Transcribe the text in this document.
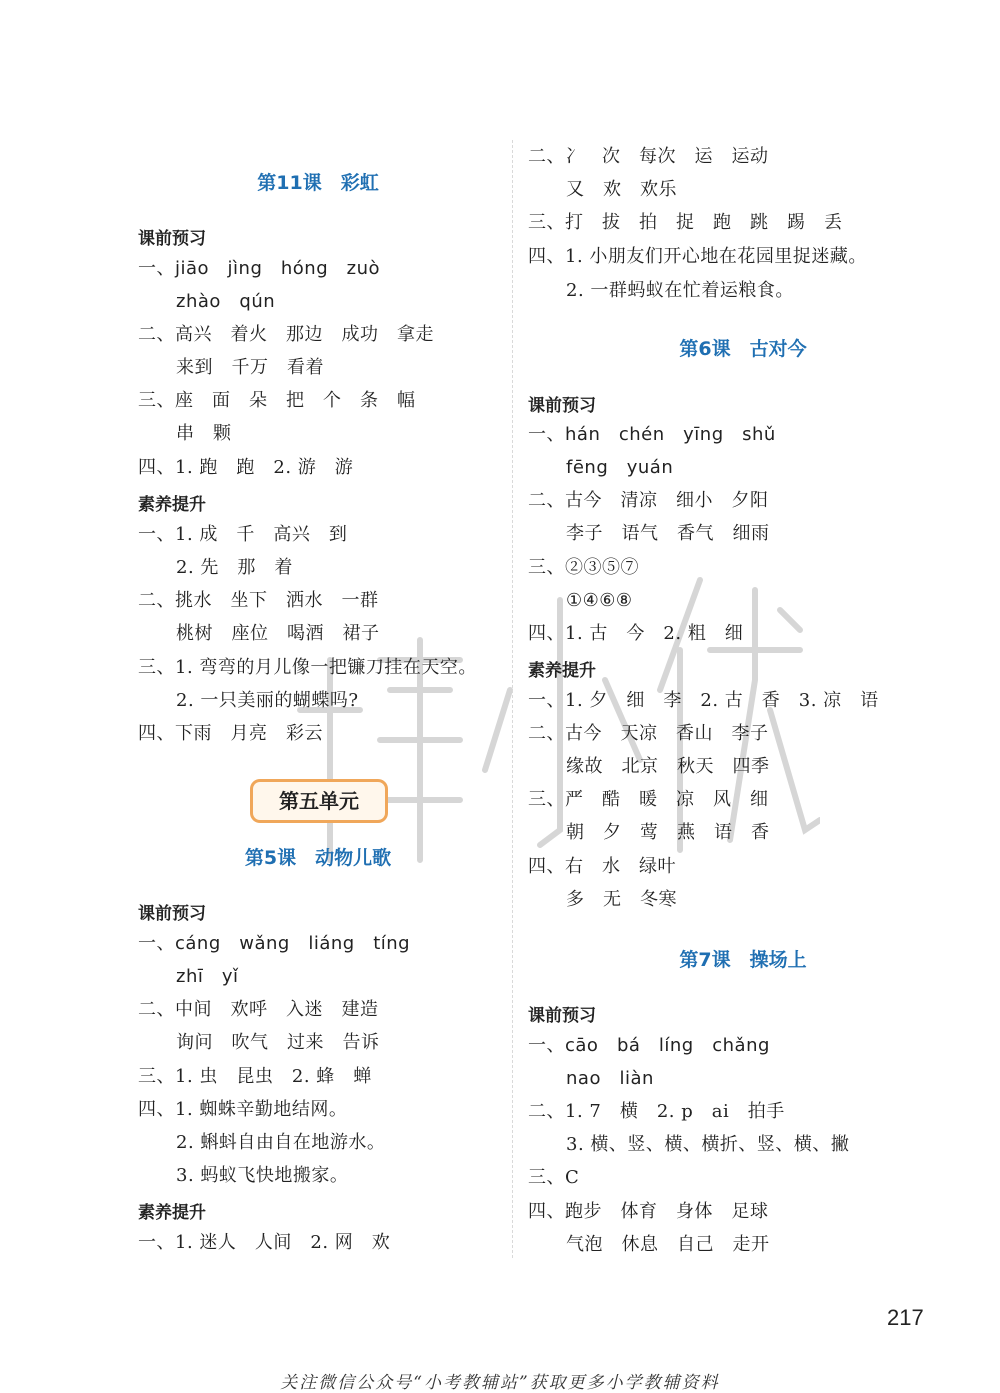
第11课　彩虹
课前预习
一、jiāo　jìng　hóng　zuò
zhào　qún
二、高兴　着火　那边　成功　拿走
来到　千万　看着
三、座　面　朵　把　个　条　幅
串　颗
四、1. 跑　跑　2. 游　游
素养提升
一、1. 成　千　高兴　到
2. 先　那　着
二、挑水　坐下　洒水　一群
桃树　座位　喝酒　裙子
三、1. 弯弯的月儿像一把镰刀挂在天空。
2. 一只美丽的蝴蝶吗?
四、下雨　月亮　彩云
第五单元
第5课　动物儿歌
课前预习
一、cáng　wǎng　liáng　tíng
zhī　yǐ
二、中间　欢呼　入迷　建造
询问　吹气　过来　告诉
三、1. 虫　昆虫　2. 蜂　蝉
四、1. 蜘蛛辛勤地结网。
2. 蝌蚪自由自在地游水。
3. 蚂蚁飞快地搬家。
素养提升
一、1. 迷人　人间　2. 网　欢
二、冫　次　每次　运　运动
又　欢　欢乐
三、打　拔　拍　捉　跑　跳　踢　丢
四、1. 小朋友们开心地在花园里捉迷藏。
2. 一群蚂蚁在忙着运粮食。
第6课　古对今
课前预习
一、hán　chén　yīng　shǔ
fēng　yuán
二、古今　清凉　细小　夕阳
李子　语气　香气　细雨
三、②③⑤⑦
①④⑥⑧
四、1. 古　今　2. 粗　细
素养提升
一、1. 夕　细　李　2. 古　香　3. 凉　语
二、古今　天凉　香山　李子
缘故　北京　秋天　四季
三、严　酷　暖　凉　风　细
朝　夕　莺　燕　语　香
四、右　水　绿叶
多　无　冬寒
第7课　操场上
课前预习
一、cāo　bá　líng　chǎng
nao　liàn
二、1. 7　横　2. p　ai　拍手
3. 横、竖、横、横折、竖、横、撇
三、C
四、跑步　体育　身体　足球
气泡　休息　自己　走开
217
关注微信公众号“小考教辅站”获取更多小学教辅资料
